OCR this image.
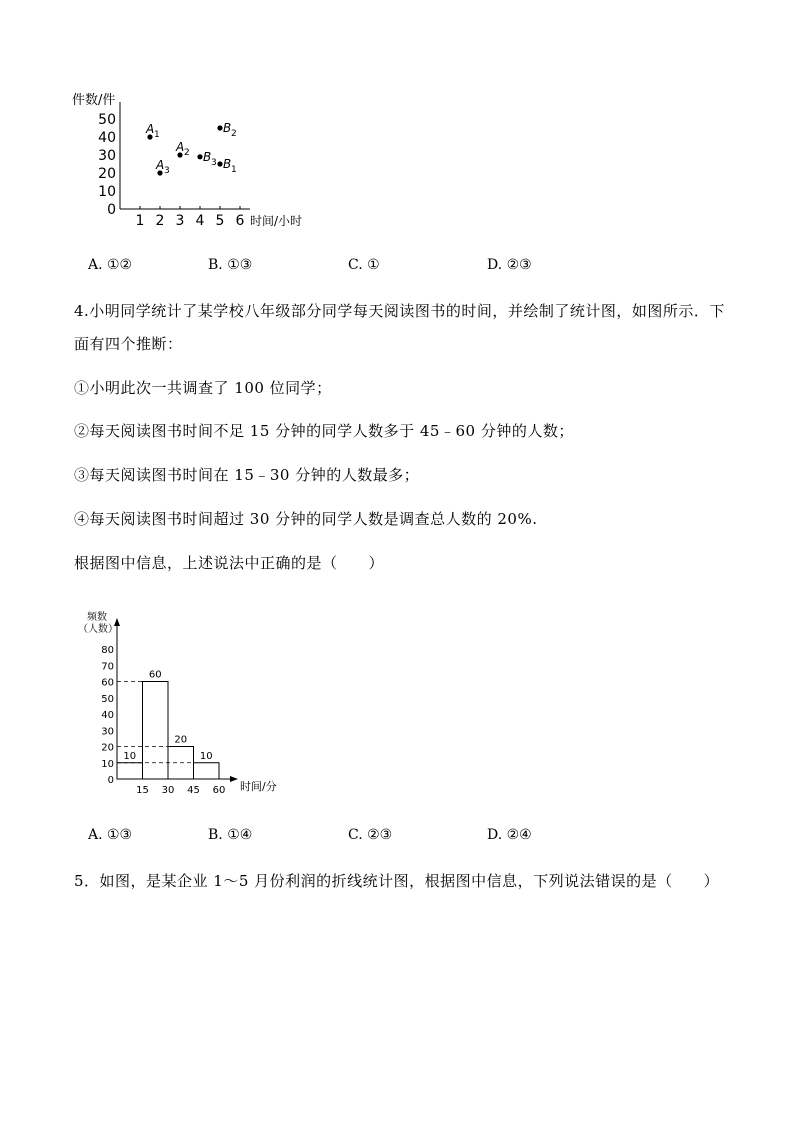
件数/件
时间/小时
0
10
20
30
40
50
1 2 3 4 5 6
A 1
A 2
A 3	B 1
B 2
B 3
A. ①②	B. ①③	C. ①	D. ②③
4.小明同学统计了某学校八年级部分同学每天阅读图书的时间，并绘制了统计图，如图所示．下
面有四个推断：
①小明此次一共调查了 100 位同学；
②每天阅读图书时间不足 15 分钟的同学人数多于 45﹣60 分钟的人数；
③每天阅读图书时间在 15﹣30 分钟的人数最多；
④每天阅读图书时间超过 30 分钟的同学人数是调查总人数的 20%.
根据图中信息，上述说法中正确的是（　　）
频数
（人数）
时间/分
0
10
20
30
40
50
60
70
80
15 30 45 60
10
60
20
10
A. ①③	B. ①④	C. ②③	D. ②④
5．如图，是某企业 1～5 月份利润的折线统计图，根据图中信息，下列说法错误的是（　　）
